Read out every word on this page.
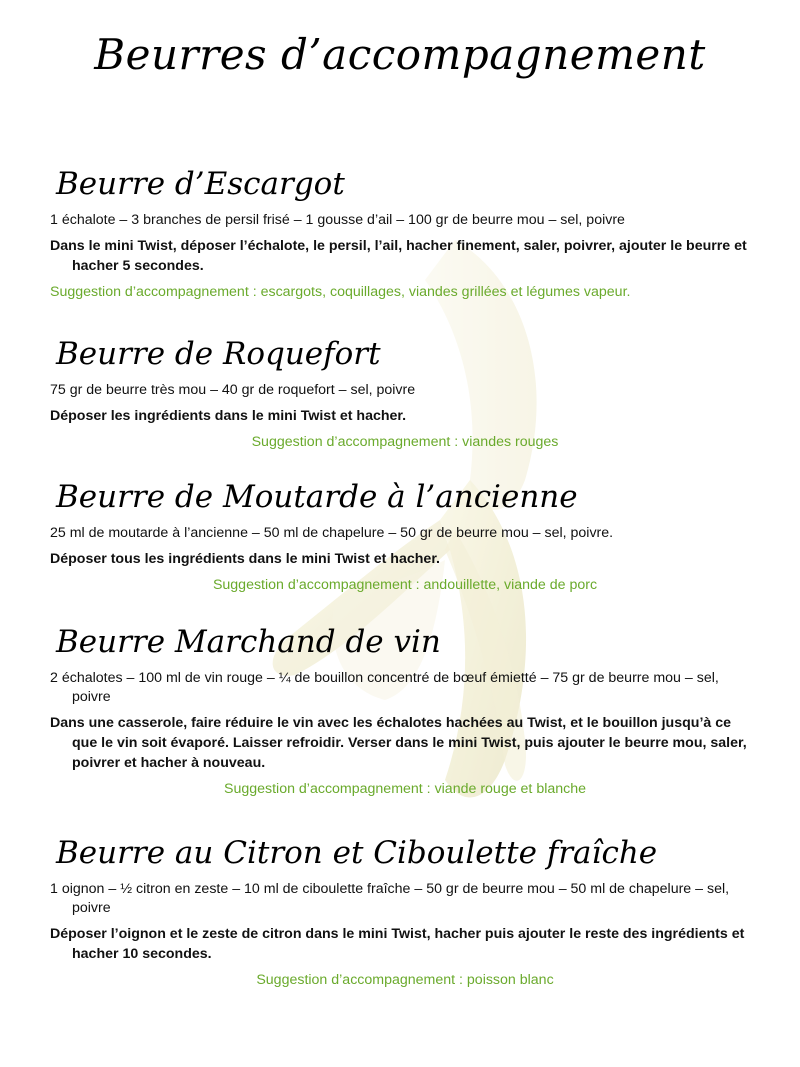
Beurres d’accompagnement
Beurre d’Escargot
1 échalote – 3 branches de persil frisé – 1 gousse d’ail – 100 gr de beurre mou – sel, poivre
Dans le mini Twist, déposer l’échalote, le persil, l’ail, hacher finement, saler, poivrer, ajouter le beurre et hacher 5 secondes.
Suggestion d’accompagnement : escargots, coquillages, viandes grillées et légumes vapeur.
Beurre de Roquefort
75 gr de beurre très mou – 40 gr de roquefort – sel, poivre
Déposer les ingrédients dans le mini Twist et hacher.
Suggestion d’accompagnement : viandes rouges
Beurre de Moutarde à l’ancienne
25 ml de moutarde à l’ancienne – 50 ml de chapelure – 50 gr de beurre mou – sel, poivre.
Déposer tous les ingrédients dans le mini Twist et hacher.
Suggestion d’accompagnement : andouillette, viande de porc
Beurre Marchand de vin
2 échalotes – 100 ml de vin rouge – ¼ de bouillon concentré de bœuf émietté – 75 gr de beurre mou – sel, poivre
Dans une casserole, faire réduire le vin avec les échalotes hachées au Twist, et le bouillon jusqu’à ce que le vin soit évaporé. Laisser refroidir. Verser dans le mini Twist, puis ajouter le beurre mou, saler, poivrer et hacher à nouveau.
Suggestion d’accompagnement : viande rouge et blanche
Beurre au Citron et Ciboulette fraîche
1 oignon – ½ citron en zeste – 10 ml de ciboulette fraîche – 50 gr de beurre mou – 50 ml de chapelure – sel, poivre
Déposer l’oignon et le zeste de citron dans le mini Twist, hacher puis ajouter le reste des ingrédients et hacher 10 secondes.
Suggestion d’accompagnement : poisson blanc
